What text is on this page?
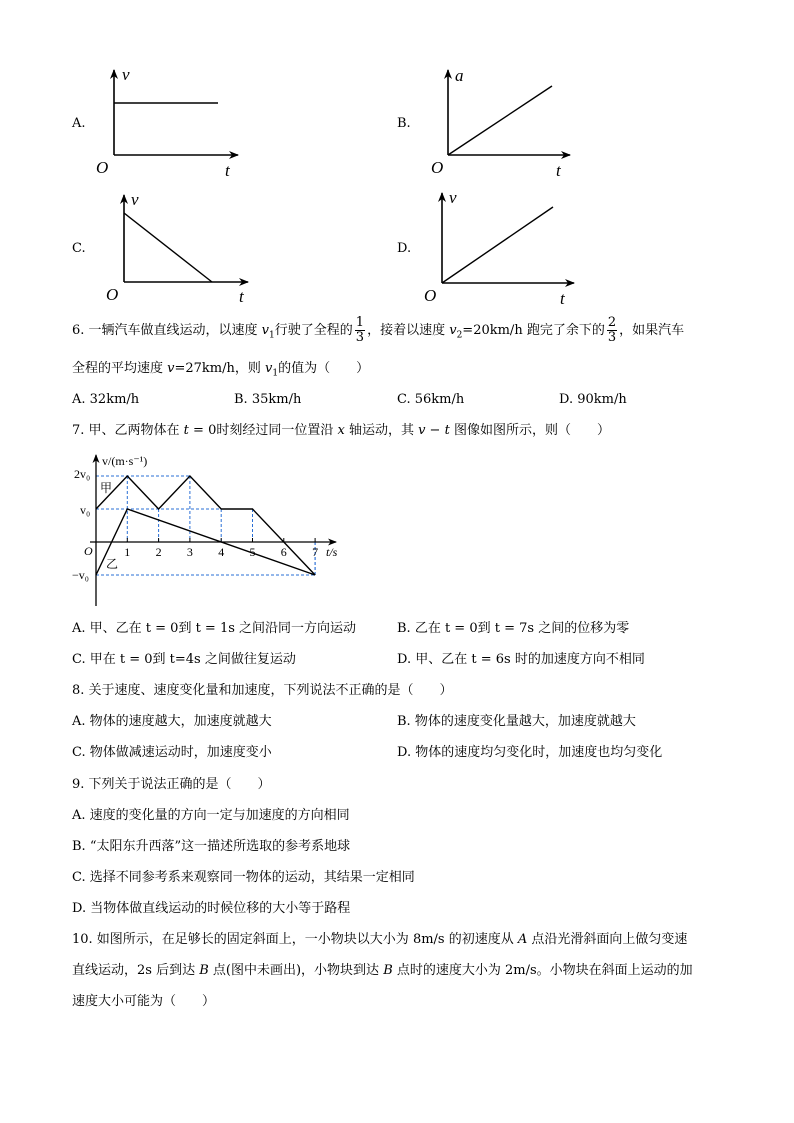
A.
v
O	t
a
O	t
v
O	t
v
O	t
B.
C.	D.
6. 一辆汽车做直线运动，以速度 $v_1$行驶了全程的 $\frac{1}{3}$ ，接着以速度 $v_2=20km/h$ 跑完了余下的 $\frac{2}{3}$ ，如果汽车
全程的平均速度 v=27km/h，则 $v_1$的值为（　　）
A. 32km/h	B. 35km/h	C. 56km/h	D. 90km/h
7. 甲、乙两物体在 t = 0时刻经过同一位置沿 x 轴运动，其 v − t 图像如图所示，则（　　）
1 2 3 4 5 6 7
v/(m·s⁻¹)
t/s
O
2v₀
v₀
−v₀
甲
乙
A. 甲、乙在 t = 0到 t = 1s 之间沿同一方向运动	B. 乙在 t = 0到 t = 7s 之间的位移为零
C. 甲在 t = 0到 t=4s 之间做往复运动	D. 甲、乙在 t = 6s 时的加速度方向不相同
8. 关于速度、速度变化量和加速度，下列说法不正确的是（　　）
A. 物体的速度越大，加速度就越大	B. 物体的速度变化量越大，加速度就越大
C. 物体做减速运动时，加速度变小	D. 物体的速度均匀变化时，加速度也均匀变化
9. 下列关于说法正确的是（　　）
A. 速度的变化量的方向一定与加速度的方向相同
B. “太阳东升西落”这一描述所选取的参考系地球
C. 选择不同参考系来观察同一物体的运动，其结果一定相同
D. 当物体做直线运动的时候位移的大小等于路程
10. 如图所示，在足够长的固定斜面上，一小物块以大小为 8m/s 的初速度从 A 点沿光滑斜面向上做匀变速
直线运动，2s 后到达 B 点(图中未画出)，小物块到达 B 点时的速度大小为 2m/s。小物块在斜面上运动的加
速度大小可能为（　　）
